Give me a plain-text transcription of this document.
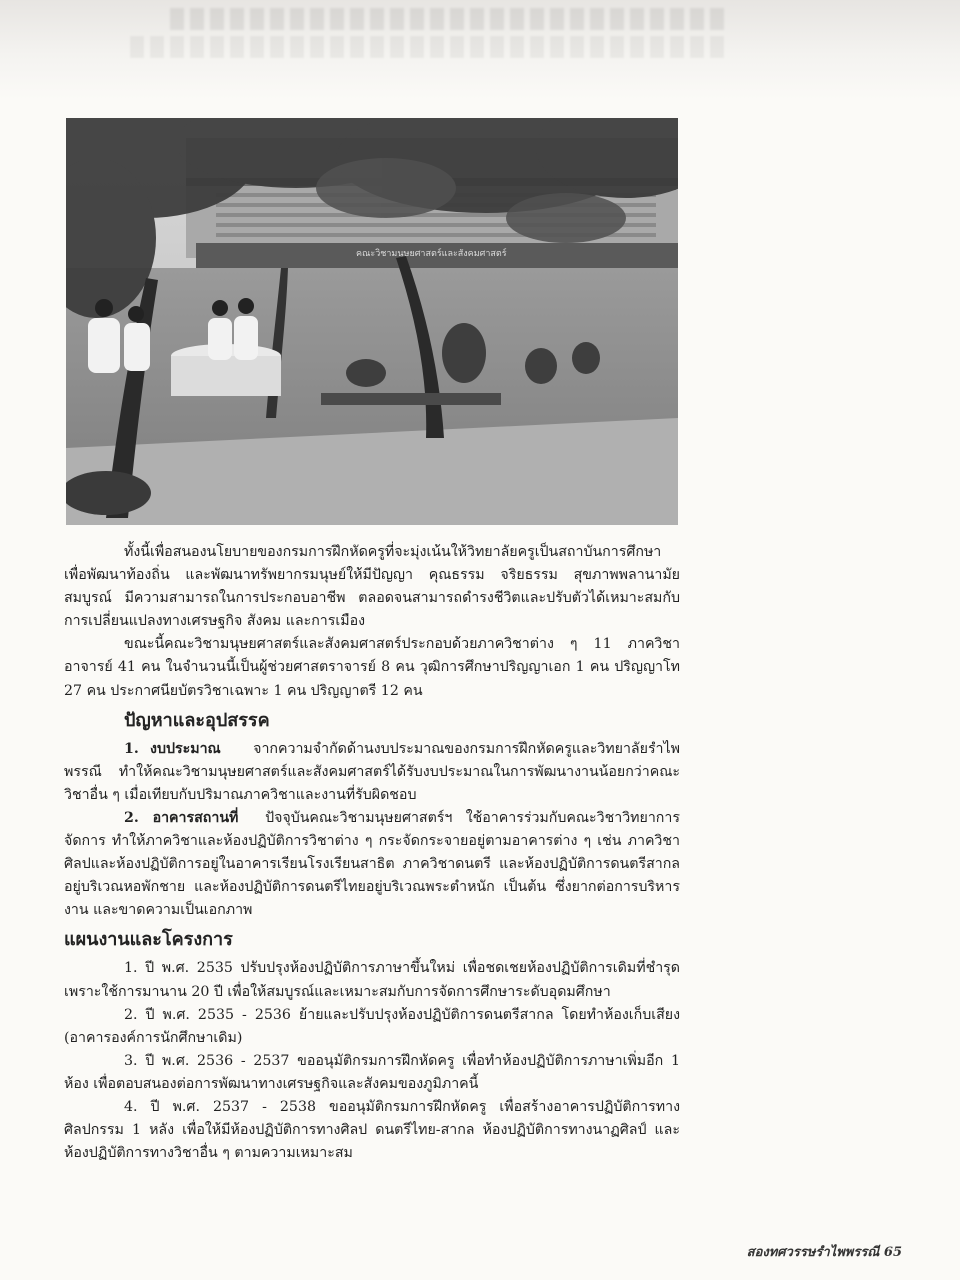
คณะวิชามนุษยศาสตร์และสังคมศาสตร์

ทั้งนี้เพื่อสนองนโยบายของกรมการฝึกหัดครูที่จะมุ่งเน้นให้วิทยาลัยครูเป็นสถาบันการศึกษาเพื่อพัฒนาท้องถิ่น และพัฒนาทรัพยากรมนุษย์ให้มีปัญญา คุณธรรม จริยธรรม สุขภาพพลานามัยสมบูรณ์ มีความสามารถในการประกอบอาชีพ ตลอดจนสามารถดำรงชีวิตและปรับตัวได้เหมาะสมกับการเปลี่ยนแปลงทางเศรษฐกิจ สังคม และการเมือง

ขณะนี้คณะวิชามนุษยศาสตร์และสังคมศาสตร์ประกอบด้วยภาควิชาต่าง ๆ 11 ภาควิชา อาจารย์ 41 คน ในจำนวนนี้เป็นผู้ช่วยศาสตราจารย์ 8 คน วุฒิการศึกษาปริญญาเอก 1 คน ปริญญาโท 27 คน ประกาศนียบัตรวิชาเฉพาะ 1 คน ปริญญาตรี 12 คน

ปัญหาและอุปสรรค

1. งบประมาณ จากความจำกัดด้านงบประมาณของกรมการฝึกหัดครูและวิทยาลัยรำไพพรรณี ทำให้คณะวิชามนุษยศาสตร์และสังคมศาสตร์ได้รับงบประมาณในการพัฒนางานน้อยกว่าคณะวิชาอื่น ๆ เมื่อเทียบกับปริมาณภาควิชาและงานที่รับผิดชอบ

2. อาคารสถานที่ ปัจจุบันคณะวิชามนุษยศาสตร์ฯ ใช้อาคารร่วมกับคณะวิชาวิทยาการจัดการ ทำให้ภาควิชาและห้องปฏิบัติการวิชาต่าง ๆ กระจัดกระจายอยู่ตามอาคารต่าง ๆ เช่น ภาควิชาศิลปและห้องปฏิบัติการอยู่ในอาคารเรียนโรงเรียนสาธิต ภาควิชาดนตรี และห้องปฏิบัติการดนตรีสากลอยู่บริเวณหอพักชาย และห้องปฏิบัติการดนตรีไทยอยู่บริเวณพระตำหนัก เป็นต้น ซึ่งยากต่อการบริหารงาน และขาดความเป็นเอกภาพ

แผนงานและโครงการ

1. ปี พ.ศ. 2535 ปรับปรุงห้องปฏิบัติการภาษาขึ้นใหม่ เพื่อชดเชยห้องปฏิบัติการเดิมที่ชำรุดเพราะใช้การมานาน 20 ปี เพื่อให้สมบูรณ์และเหมาะสมกับการจัดการศึกษาระดับอุดมศึกษา

2. ปี พ.ศ. 2535 - 2536 ย้ายและปรับปรุงห้องปฏิบัติการดนตรีสากล โดยทำห้องเก็บเสียง (อาคารองค์การนักศึกษาเดิม)

3. ปี พ.ศ. 2536 - 2537 ขออนุมัติกรมการฝึกหัดครู เพื่อทำห้องปฏิบัติการภาษาเพิ่มอีก 1 ห้อง เพื่อตอบสนองต่อการพัฒนาทางเศรษฐกิจและสังคมของภูมิภาคนี้

4. ปี พ.ศ. 2537 - 2538 ขออนุมัติกรมการฝึกหัดครู เพื่อสร้างอาคารปฏิบัติการทางศิลปกรรม 1 หลัง เพื่อให้มีห้องปฏิบัติการทางศิลป ดนตรีไทย-สากล ห้องปฏิบัติการทางนาฏศิลป์ และห้องปฏิบัติการทางวิชาอื่น ๆ ตามความเหมาะสม

สองทศวรรษรำไพพรรณี 65
